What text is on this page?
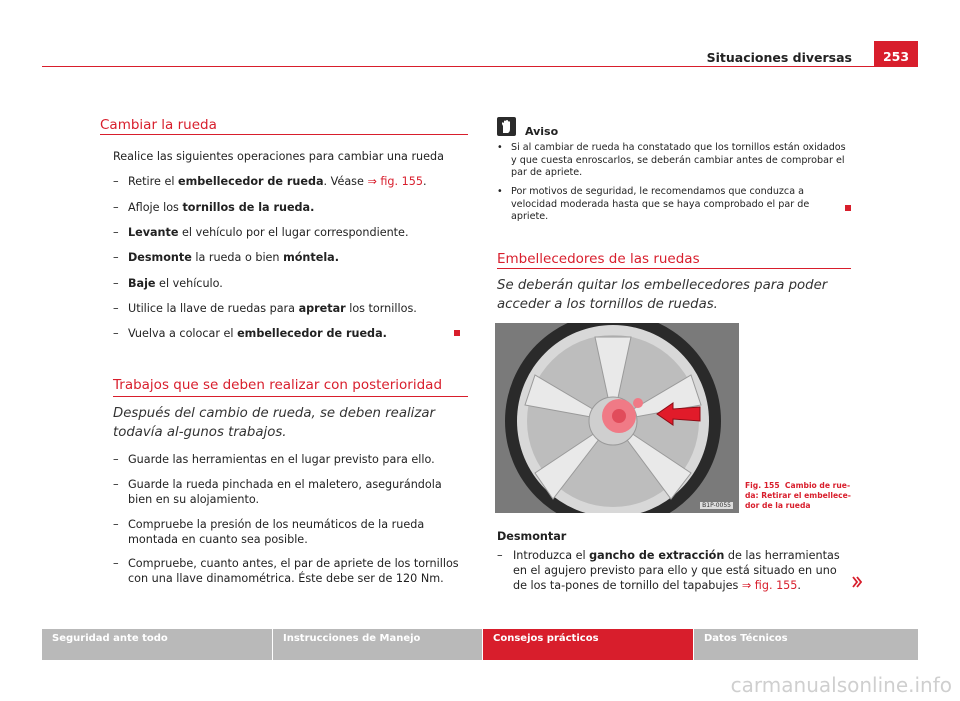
Situaciones diversas	253
Cambiar la rueda
Realice las siguientes operaciones para cambiar una rueda
– Retire el embellecedor de rueda. Véase ⇒ fig. 155.
– Afloje los tornillos de la rueda.
– Levante el vehículo por el lugar correspondiente.
– Desmonte la rueda o bien móntela.
– Baje el vehículo.
– Utilice la llave de ruedas para apretar los tornillos.
– Vuelva a colocar el embellecedor de rueda.
Trabajos que se deben realizar con posterioridad
Después del cambio de rueda, se deben realizar todavía al-gunos trabajos.
– Guarde las herramientas en el lugar previsto para ello.
– Guarde la rueda pinchada en el maletero, asegurándola bien en su alojamiento.
– Compruebe la presión de los neumáticos de la rueda montada en cuanto sea posible.
– Compruebe, cuanto antes, el par de apriete de los tornillos con una llave dinamométrica. Éste debe ser de 120 Nm.
Aviso
• Si al cambiar de rueda ha constatado que los tornillos están oxidados y que cuesta enroscarlos, se deberán cambiar antes de comprobar el par de apriete.
• Por motivos de seguridad, le recomendamos que conduzca a velocidad moderada hasta que se haya comprobado el par de apriete.
Embellecedores de las ruedas
Se deberán quitar los embellecedores para poder acceder a los tornillos de ruedas.
B1P-0055
Fig. 155 Cambio de rue-da: Retirar el embellece-dor de la rueda
Desmontar
– Introduzca el gancho de extracción de las herramientas en el agujero previsto para ello y que está situado en uno de los ta-pones de tornillo del tapabujes ⇒ fig. 155.
Seguridad ante todo	Instrucciones de Manejo	Consejos prácticos	Datos Técnicos
carmanualsonline.info
